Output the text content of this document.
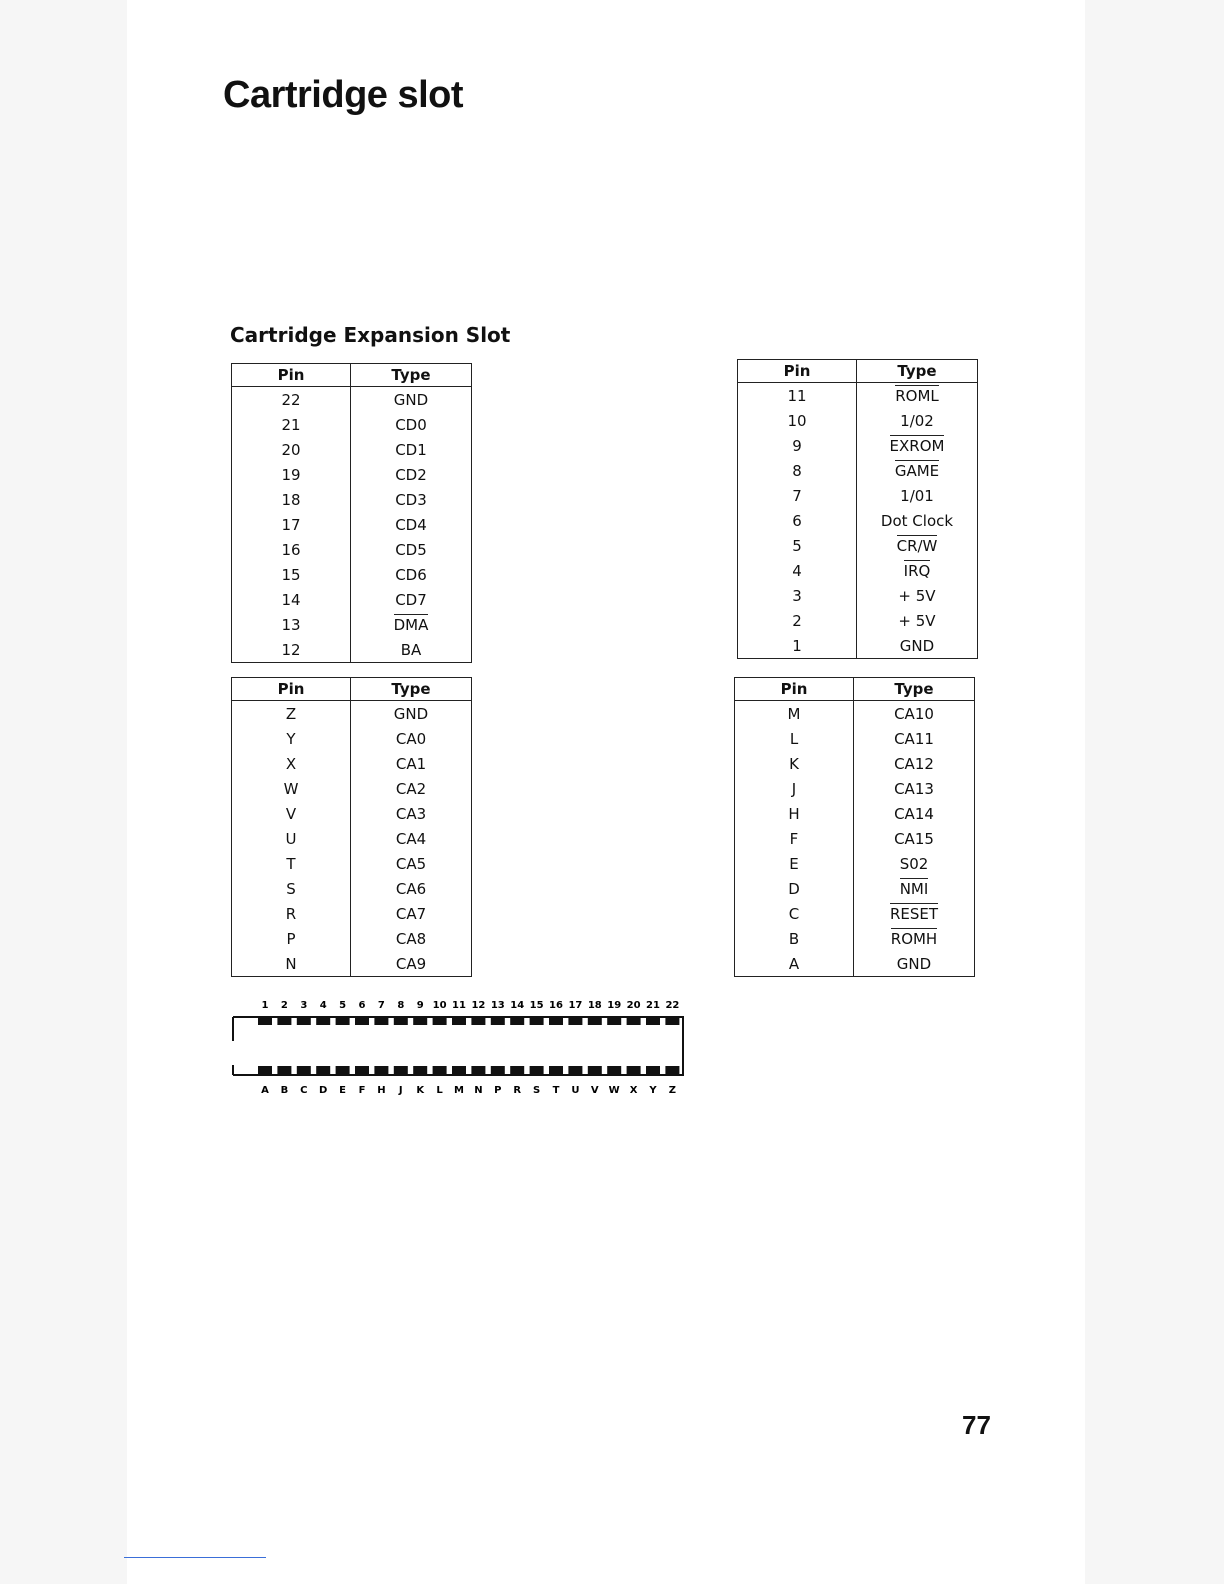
Cartridge slot
Cartridge Expansion Slot
Pin	Type
22	GND
21	CD0
20	CD1
19	CD2
18	CD3
17	CD4
16	CD5
15	CD6
14	CD7
13	DMA
12	BA
Pin	Type
11	ROML
10	1/02
9	EXROM
8	GAME
7	1/01
6	Dot Clock
5	CR/W
4	IRQ
3	+ 5V
2	+ 5V
1	GND
Pin	Type
Z	GND
Y	CA0
X	CA1
W	CA2
V	CA3
U	CA4
T	CA5
S	CA6
R	CA7
P	CA8
N	CA9
Pin	Type
M	CA10
L	CA11
K	CA12
J	CA13
H	CA14
F	CA15
E	S02
D	NMI
C	RESET
B	ROMH
A	GND
1 2 3 4 5 6 7 8 9 10 11 12 13 14 15 16 17 18 19 20 21 22
A B C D E F H J K L M N P R S T U V W X Y Z
77
